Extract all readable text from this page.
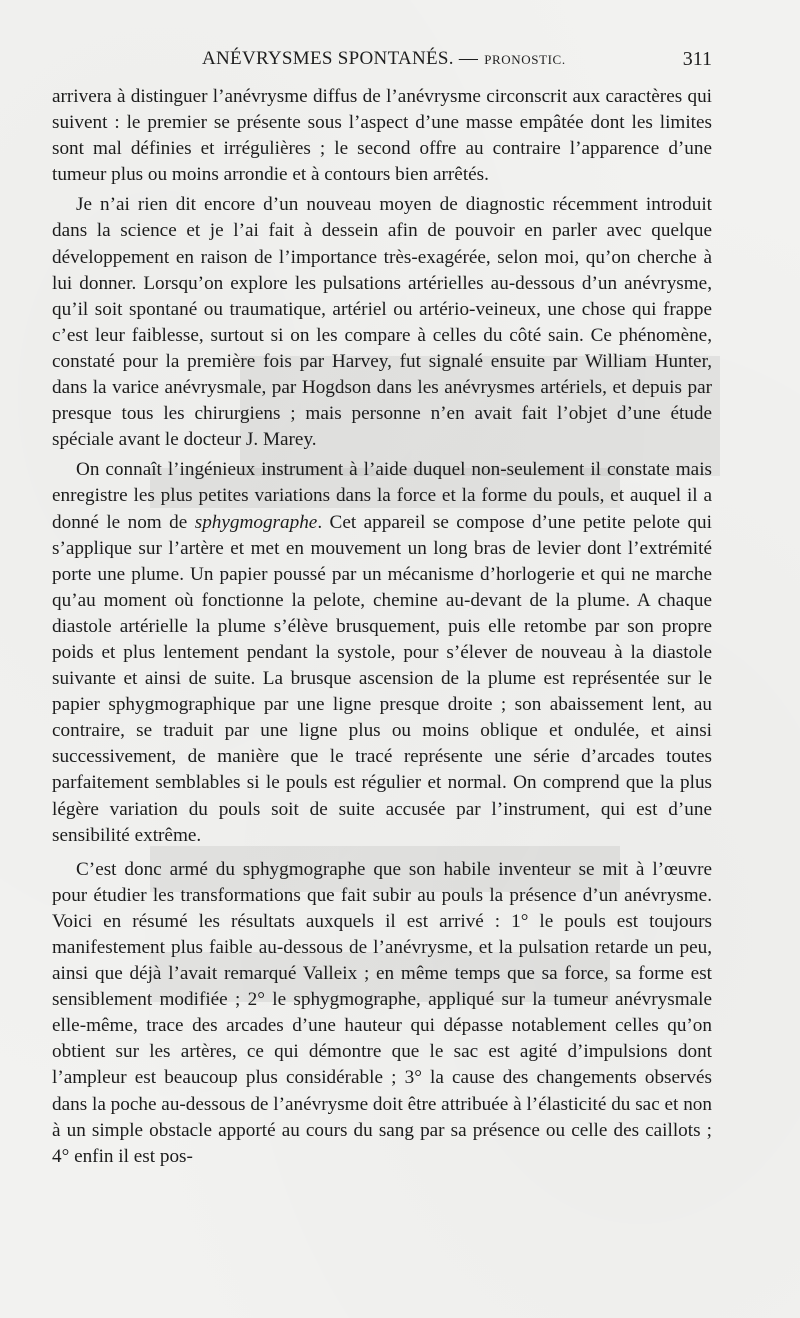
ANÉVRYSMES SPONTANÉS. — PRONOSTIC.	311

arrivera à distinguer l’anévrysme diffus de l’anévrysme circonscrit aux caractères qui suivent : le premier se présente sous l’aspect d’une masse empâtée dont les limites sont mal définies et irrégulières ; le second offre au contraire l’apparence d’une tumeur plus ou moins arrondie et à contours bien arrêtés.

Je n’ai rien dit encore d’un nouveau moyen de diagnostic récemment introduit dans la science et je l’ai fait à dessein afin de pouvoir en parler avec quelque développement en raison de l’importance très-exagérée, selon moi, qu’on cherche à lui donner. Lorsqu’on explore les pulsations artérielles au-dessous d’un anévrysme, qu’il soit spontané ou traumatique, artériel ou artério-veineux, une chose qui frappe c’est leur faiblesse, surtout si on les compare à celles du côté sain. Ce phénomène, constaté pour la première fois par Harvey, fut signalé ensuite par William Hunter, dans la varice anévrysmale, par Hogdson dans les anévrysmes artériels, et depuis par presque tous les chirurgiens ; mais personne n’en avait fait l’objet d’une étude spéciale avant le docteur J. Marey.

On connaît l’ingénieux instrument à l’aide duquel non-seulement il constate mais enregistre les plus petites variations dans la force et la forme du pouls, et auquel il a donné le nom de sphygmographe. Cet appareil se compose d’une petite pelote qui s’applique sur l’artère et met en mouvement un long bras de levier dont l’extrémité porte une plume. Un papier poussé par un mécanisme d’horlogerie et qui ne marche qu’au moment où fonctionne la pelote, chemine au-devant de la plume. A chaque diastole artérielle la plume s’élève brusquement, puis elle retombe par son propre poids et plus lentement pendant la systole, pour s’élever de nouveau à la diastole suivante et ainsi de suite. La brusque ascension de la plume est représentée sur le papier sphygmographique par une ligne presque droite ; son abaissement lent, au contraire, se traduit par une ligne plus ou moins oblique et ondulée, et ainsi successivement, de manière que le tracé représente une série d’arcades toutes parfaitement semblables si le pouls est régulier et normal. On comprend que la plus légère variation du pouls soit de suite accusée par l’instrument, qui est d’une sensibilité extrême.

C’est donc armé du sphygmographe que son habile inventeur se mit à l’œuvre pour étudier les transformations que fait subir au pouls la présence d’un anévrysme. Voici en résumé les résultats auxquels il est arrivé : 1° le pouls est toujours manifestement plus faible au-dessous de l’anévrysme, et la pulsation retarde un peu, ainsi que déjà l’avait remarqué Valleix ; en même temps que sa force, sa forme est sensiblement modifiée ; 2° le sphygmographe, appliqué sur la tumeur anévrysmale elle-même, trace des arcades d’une hauteur qui dépasse notablement celles qu’on obtient sur les artères, ce qui démontre que le sac est agité d’impulsions dont l’ampleur est beaucoup plus considérable ; 3° la cause des changements observés dans la poche au-dessous de l’anévrysme doit être attribuée à l’élasticité du sac et non à un simple obstacle apporté au cours du sang par sa présence ou celle des caillots ; 4° enfin il est pos-
